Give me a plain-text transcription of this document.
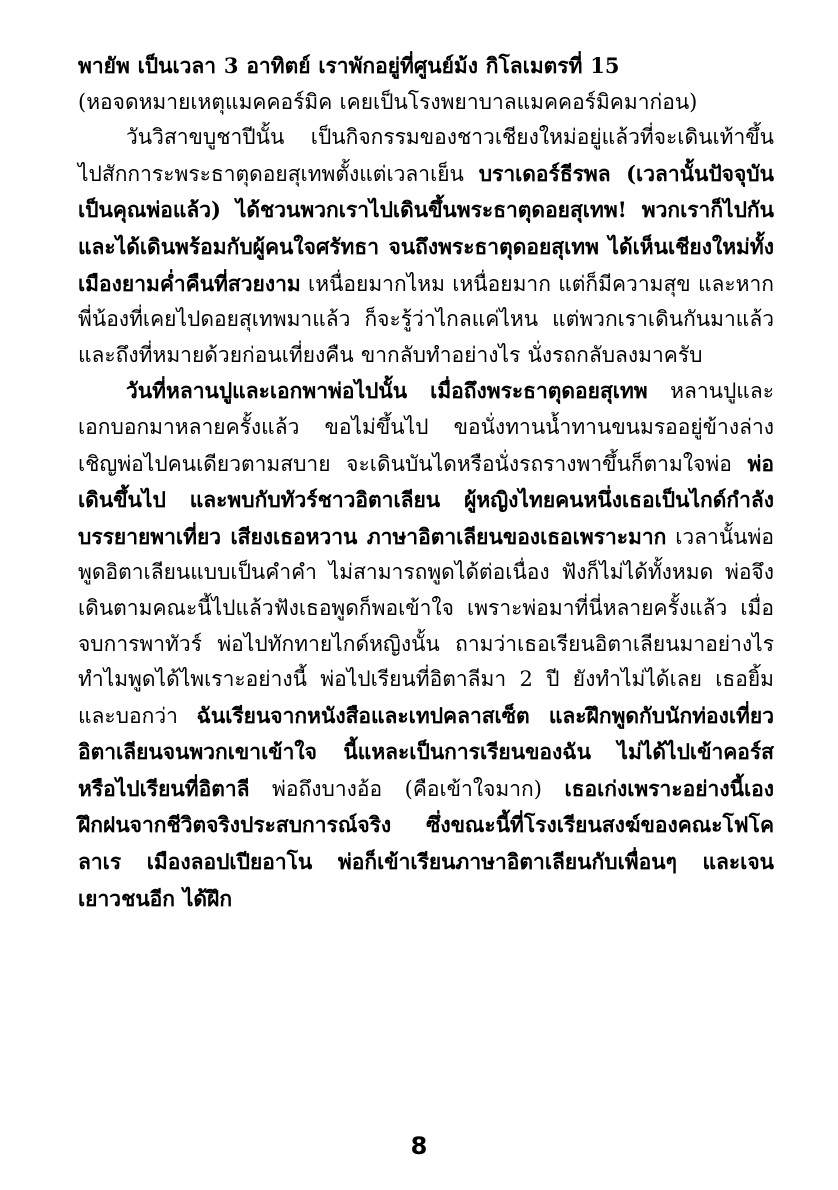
พายัพ เป็นเวลา 3 อาทิตย์ เราพักอยู่ที่ศูนย์ม้ง กิโลเมตรที่ 15

(หอจดหมายเหตุแมคคอร์มิค เคยเป็นโรงพยาบาลแมคคอร์มิคมาก่อน)

วันวิสาขบูชาปีนั้น เป็นกิจกรรมของชาวเชียงใหม่อยู่แล้วที่จะเดินเท้าขึ้นไปสักการะพระธาตุดอยสุเทพตั้งแต่เวลาเย็น บราเดอร์ธีรพล (เวลานั้นปัจจุบันเป็นคุณพ่อแล้ว) ได้ชวนพวกเราไปเดินขึ้นพระธาตุดอยสุเทพ! พวกเราก็ไปกัน และได้เดินพร้อมกับผู้คนใจศรัทธา จนถึงพระธาตุดอยสุเทพ ได้เห็นเชียงใหม่ทั้งเมืองยามค่ำคืนที่สวยงาม เหนื่อยมากไหม เหนื่อยมาก แต่ก็มีความสุข และหากพี่น้องที่เคยไปดอยสุเทพมาแล้ว ก็จะรู้ว่าไกลแค่ไหน แต่พวกเราเดินกันมาแล้ว และถึงที่หมายด้วยก่อนเที่ยงคืน ขากลับทำอย่างไร นั่งรถกลับลงมาครับ

วันที่หลานปูและเอกพาพ่อไปนั้น เมื่อถึงพระธาตุดอยสุเทพ หลานปูและเอกบอกมาหลายครั้งแล้ว ขอไม่ขึ้นไป ขอนั่งทานน้ำทานขนมรออยู่ข้างล่าง เชิญพ่อไปคนเดียวตามสบาย จะเดินบันไดหรือนั่งรถรางพาขึ้นก็ตามใจพ่อ พ่อเดินขึ้นไป และพบกับทัวร์ชาวอิตาเลียน ผู้หญิงไทยคนหนึ่งเธอเป็นไกด์กำลังบรรยายพาเที่ยว เสียงเธอหวาน ภาษาอิตาเลียนของเธอเพราะมาก เวลานั้นพ่อพูดอิตาเลียนแบบเป็นคำคำ ไม่สามารถพูดได้ต่อเนื่อง ฟังก็ไม่ได้ทั้งหมด พ่อจึงเดินตามคณะนี้ไปแล้วฟังเธอพูดก็พอเข้าใจ เพราะพ่อมาที่นี่หลายครั้งแล้ว เมื่อจบการพาทัวร์ พ่อไปทักทายไกด์หญิงนั้น ถามว่าเธอเรียนอิตาเลียนมาอย่างไร ทำไมพูดได้ไพเราะอย่างนี้ พ่อไปเรียนที่อิตาลีมา 2 ปี ยังทำไม่ได้เลย เธอยิ้มและบอกว่า ฉันเรียนจากหนังสือและเทปคลาสเซ็ต และฝึกพูดกับนักท่องเที่ยวอิตาเลียนจนพวกเขาเข้าใจ นี้แหละเป็นการเรียนของฉัน ไม่ได้ไปเข้าคอร์สหรือไปเรียนที่อิตาลี พ่อถึงบางอ้อ (คือเข้าใจมาก) เธอเก่งเพราะอย่างนี้เองฝึกฝนจากชีวิตจริงประสบการณ์จริง ซึ่งขณะนี้ที่โรงเรียนสงฆ์ของคณะโฟโคลาเร เมืองลอปเปียอาโน พ่อก็เข้าเรียนภาษาอิตาเลียนกับเพื่อนๆ และเจนเยาวชนอีก ได้ฝึก

8
